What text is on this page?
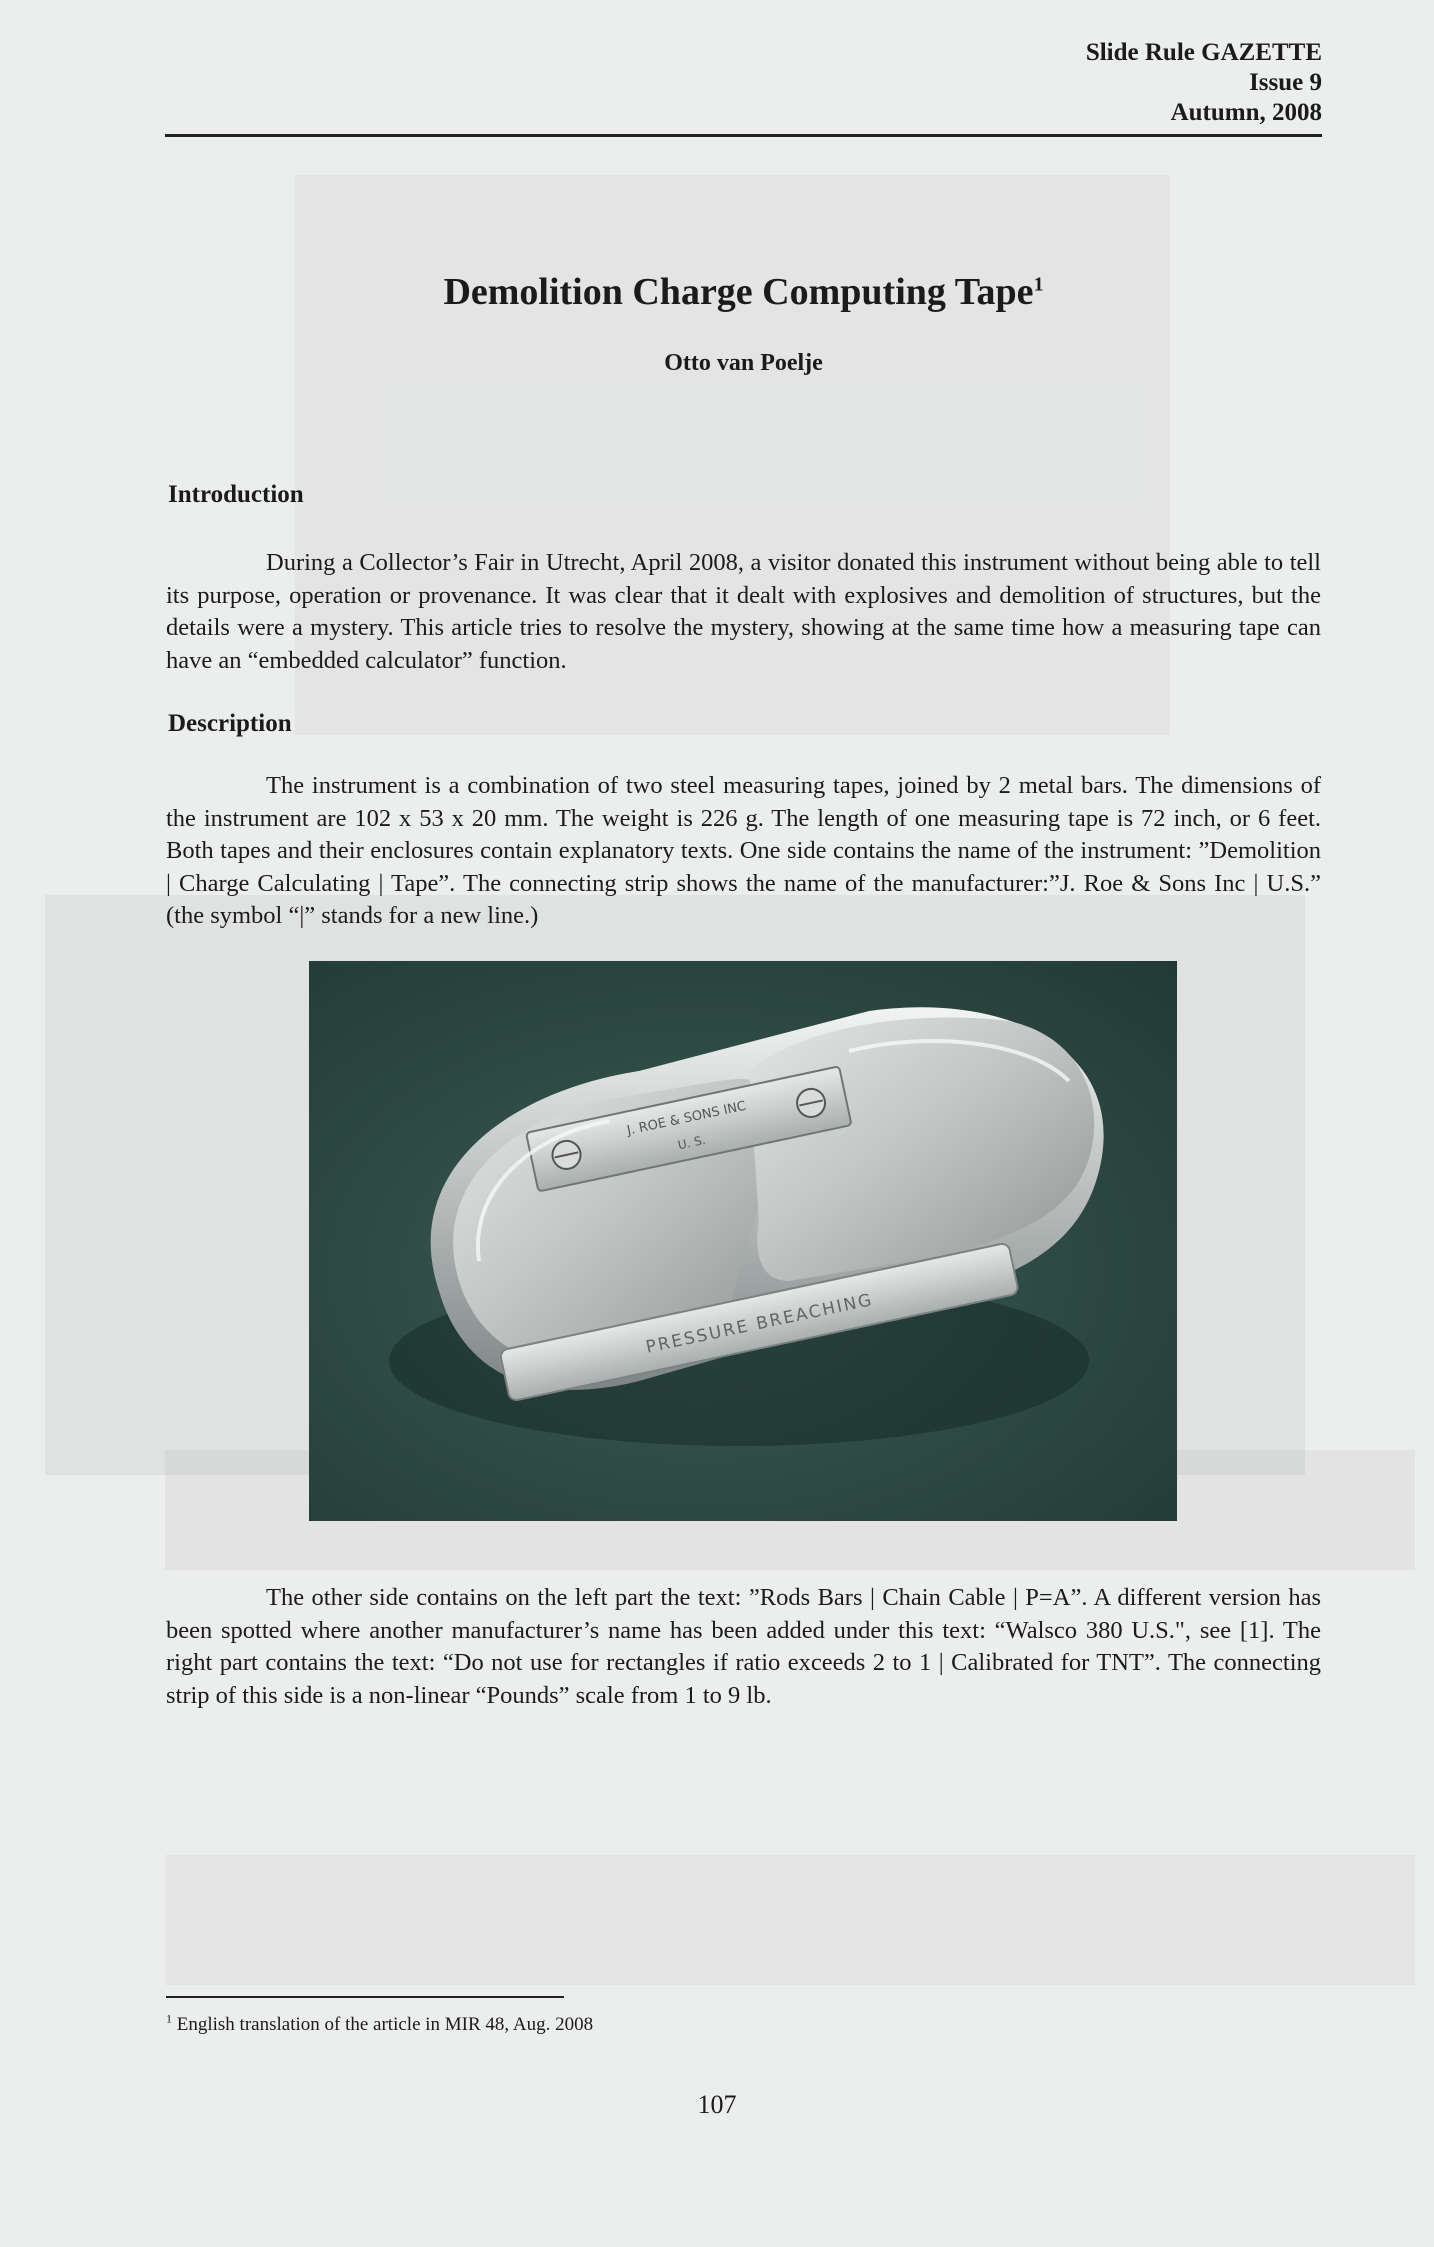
Slide Rule GAZETTE
Issue 9
Autumn, 2008
Demolition Charge Computing Tape$^1$
Otto van Poelje
Introduction
During a Collector’s Fair in Utrecht, April 2008, a visitor donated this instrument without being able to tell its purpose, operation or provenance. It was clear that it dealt with explosives and demolition of structures, but the details were a mystery. This article tries to resolve the mystery, showing at the same time how a measuring tape can have an “embedded calculator” function.
Description
The instrument is a combination of two steel measuring tapes, joined by 2 metal bars. The dimensions of the instrument are 102 x 53 x 20 mm. The weight is 226 g. The length of one measuring tape is 72 inch, or 6 feet. Both tapes and their enclosures contain explanatory texts. One side contains the name of the instrument: ”Demolition | Charge Calculating | Tape”. The connecting strip shows the name of the manufacturer:”J. Roe & Sons Inc | U.S.” (the symbol “|” stands for a new line.)
J. ROE & SONS INC
U. S.
PRESSURE BREACHING
The other side contains on the left part the text: ”Rods Bars | Chain Cable | P=A”. A different version has been spotted where another manufacturer’s name has been added under this text: “Walsco 380 U.S.", see [1]. The right part contains the text: “Do not use for rectangles if ratio exceeds 2 to 1 | Calibrated for TNT”. The connecting strip of this side is a non-linear “Pounds” scale from 1 to 9 lb.
$^1$ English translation of the article in MIR 48, Aug. 2008
107
